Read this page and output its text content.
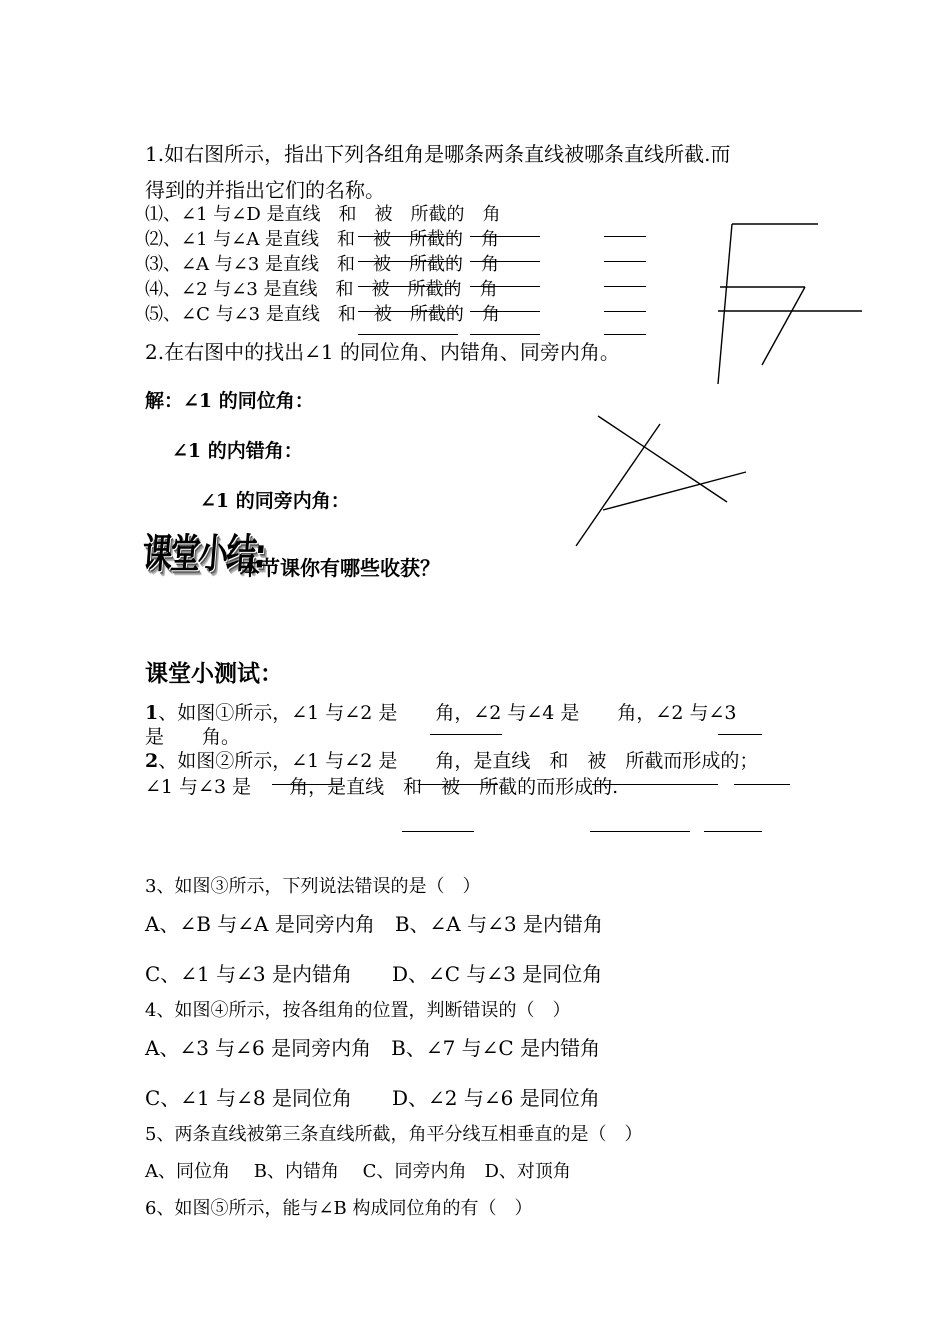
1.如右图所示，指出下列各组角是哪条两条直线被哪条直线所截.而
得到的并指出它们的名称。
⑴、∠1 与∠D 是直线　和　被　所截的　角
⑵、∠1 与∠A 是直线　和　被　所截的　角
⑶、∠A 与∠3 是直线　和　被　所截的　角
⑷、∠2 与∠3 是直线　和　被　所截的　角
⑸、∠C 与∠3 是直线　和　被　所截的　角
2.在右图中的找出∠1 的同位角、内错角、同旁内角。
解：∠1 的同位角：
∠1 的内错角：
∠1 的同旁内角：
课堂小结:
本节课你有哪些收获？
课堂小测试：
1、如图①所示，∠1 与∠2 是　　角，∠2 与∠4 是　　角，∠2 与∠3
是　　角。
2、如图②所示，∠1 与∠2 是　　角，是直线　和　被　所截而形成的；
∠1 与∠3 是　　角，是直线　和　被　所截的而形成的.
3、如图③所示，下列说法错误的是（　）
A、∠B 与∠A 是同旁内角　B、∠A 与∠3 是内错角
C、∠1 与∠3 是内错角　　D、∠C 与∠3 是同位角
4、如图④所示，按各组角的位置，判断错误的（　）
A、∠3 与∠6 是同旁内角　B、∠7 与∠C 是内错角
C、∠1 与∠8 是同位角　　D、∠2 与∠6 是同位角
5、两条直线被第三条直线所截，角平分线互相垂直的是（　）
A、同位角　 B、内错角　 C、同旁内角　D、对顶角
6、如图⑤所示，能与∠B 构成同位角的有（　）
